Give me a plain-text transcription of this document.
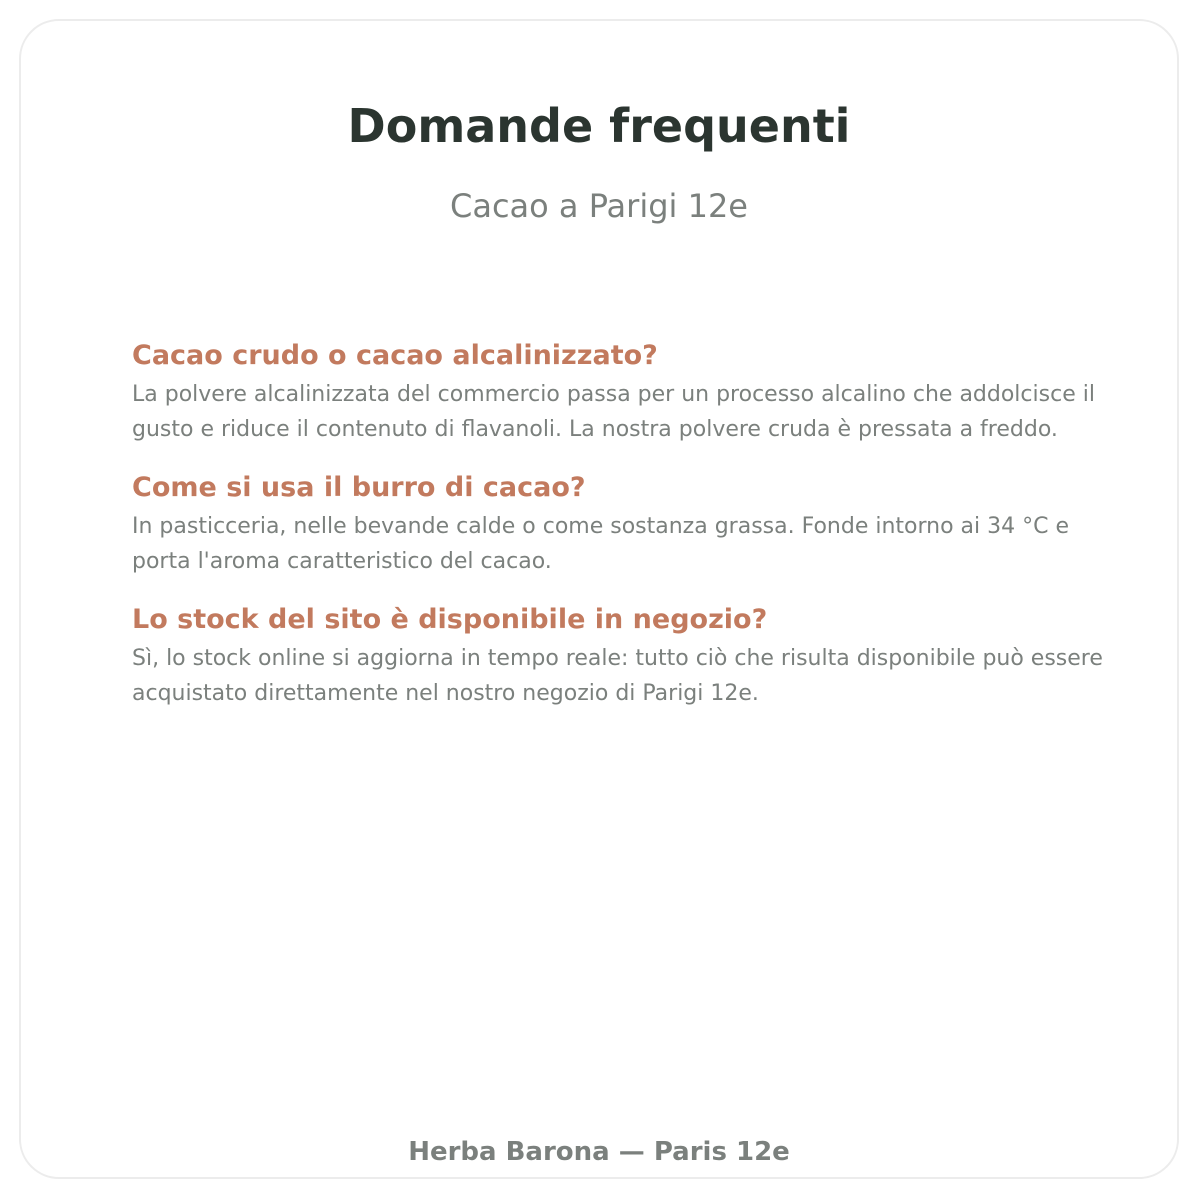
Domande frequenti

Cacao a Parigi 12e

Cacao crudo o cacao alcalinizzato?

La polvere alcalinizzata del commercio passa per un processo alcalino che addolcisce il gusto e riduce il contenuto di flavanoli. La nostra polvere cruda è pressata a freddo.

Come si usa il burro di cacao?

In pasticceria, nelle bevande calde o come sostanza grassa. Fonde intorno ai 34 °C e porta l'aroma caratteristico del cacao.

Lo stock del sito è disponibile in negozio?

Sì, lo stock online si aggiorna in tempo reale: tutto ciò che risulta disponibile può essere acquistato direttamente nel nostro negozio di Parigi 12e.

Herba Barona — Paris 12e
